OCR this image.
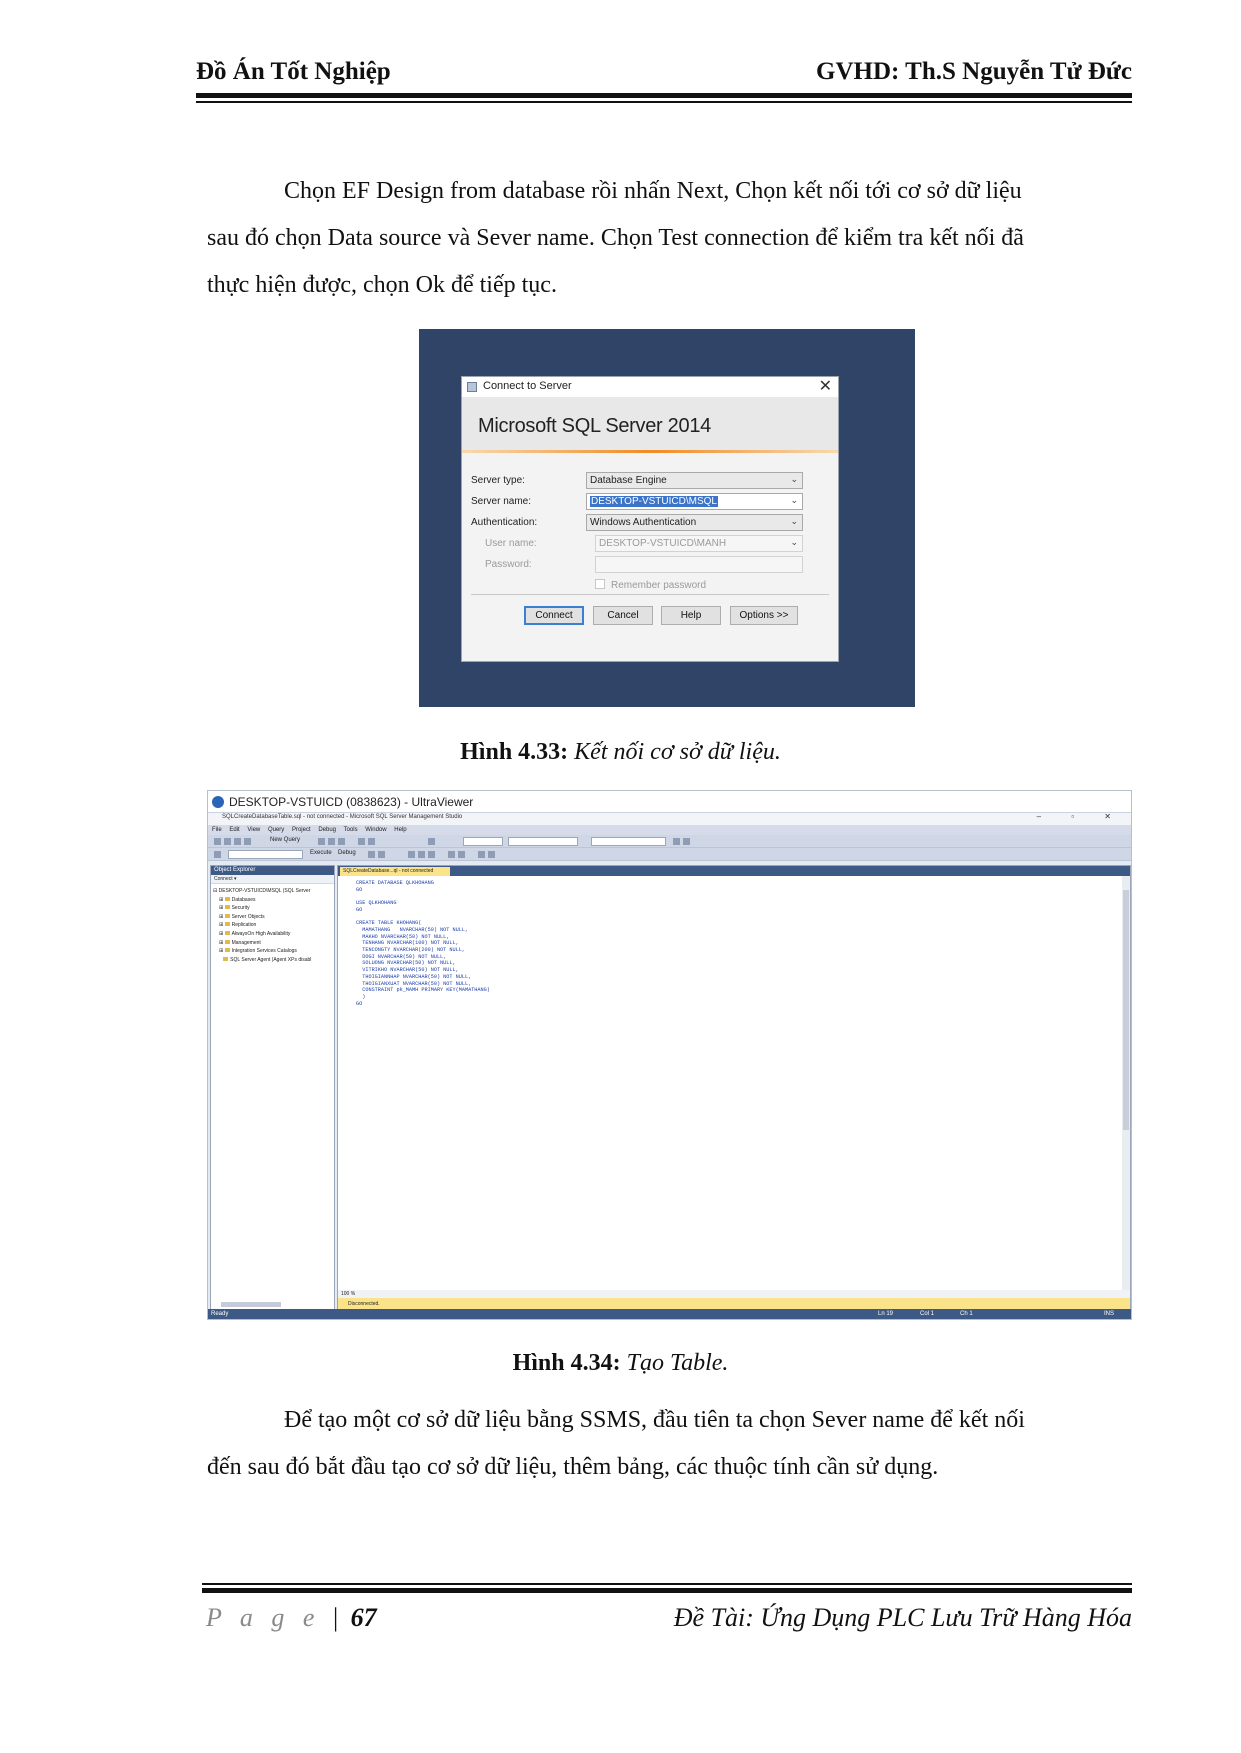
Đồ Án Tốt Nghiệp	GVHD: Th.S Nguyễn Tử Đức
Chọn EF Design from database rồi nhấn Next, Chọn kết nối tới cơ sở dữ liệu
sau đó chọn Data source và Sever name. Chọn Test connection để kiểm tra kết nối đã
thực hiện được, chọn Ok để tiếp tục.
Connect to Server	✕
Microsoft SQL Server 2014
Server type:	Database Engine	⌄
Server name:	DESKTOP-VSTUICD\MSQL	⌄
Authentication:	Windows Authentication	⌄
User name:	DESKTOP-VSTUICD\MANH	⌄
Password:
Remember password
Connect	Cancel	Help	Options >>
Hình 4.33: Kết nối cơ sở dữ liệu.
DESKTOP-VSTUICD (0838623) - UltraViewer
SQLCreateDatabaseTable.sql - not connected - Microsoft SQL Server Management Studio	– ▫ ✕
File Edit View Query Project Debug Tools Window Help
New Query
Execute Debug
Object Explorer
Connect ▾
⊟ DESKTOP-VSTUICD\MSQL (SQL Server
⊞ Databases
⊞ Security
⊞ Server Objects
⊞ Replication
⊞ AlwaysOn High Availability
⊞ Management
⊞ Integration Services Catalogs
SQL Server Agent (Agent XPs disabl
SQLCreateDatabase...ql - not connected
CREATE DATABASE QLKHOHANG
GO

USE QLKHOHANG
GO

CREATE TABLE KHOHANG(
MAMATHANG   NVARCHAR(50) NOT NULL,
MAKHO NVARCHAR(50) NOT NULL,
TENHANG NVARCHAR(100) NOT NULL,
TENCONGTY NVARCHAR(200) NOT NULL,
DOGI NVARCHAR(50) NOT NULL,
SOLUONG NVARCHAR(50) NOT NULL,
VITRIKHO NVARCHAR(50) NOT NULL,
THOIGIANNHAP NVARCHAR(50) NOT NULL,
THOIGIANXUAT NVARCHAR(50) NOT NULL,
CONSTRAINT pk_MAMH PRIMARY KEY(MAMATHANG)
)
GO
100 %
Disconnected.
Ready	Ln 19	Col 1	Ch 1	INS
Hình 4.34: Tạo Table.
Để tạo một cơ sở dữ liệu bằng SSMS, đầu tiên ta chọn Sever name để kết nối
đến sau đó bắt đầu tạo cơ sở dữ liệu, thêm bảng, các thuộc tính cần sử dụng.
P a g e | 67	Đề Tài: Ứng Dụng PLC Lưu Trữ Hàng Hóa
